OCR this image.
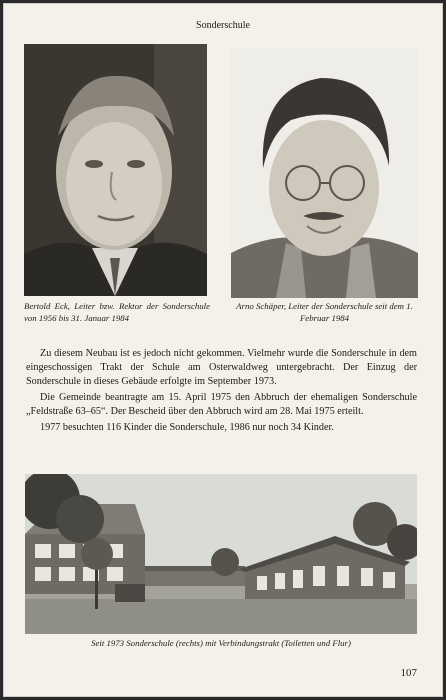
Sonderschule
Bertold Eck, Leiter bzw. Rektor der Sonderschule von 1956 bis 31. Januar 1984
Arno Schäper, Leiter der Sonderschule seit dem 1. Februar 1984

Zu diesem Neubau ist es jedoch nicht gekommen. Vielmehr wurde die Sonderschule in dem eingeschossigen Trakt der Schule am Osterwaldweg untergebracht. Der Einzug der Sonderschule in dieses Gebäude erfolgte im September 1973.

Die Gemeinde beantragte am 15. April 1975 den Abbruch der ehemaligen Sonderschule „Feldstraße 63–65“. Der Bescheid über den Abbruch wird am 28. Mai 1975 erteilt.

1977 besuchten 116 Kinder die Sonderschule, 1986 nur noch 34 Kinder.

Seit 1973 Sonderschule (rechts) mit Verbindungstrakt (Toiletten und Flur)
107
